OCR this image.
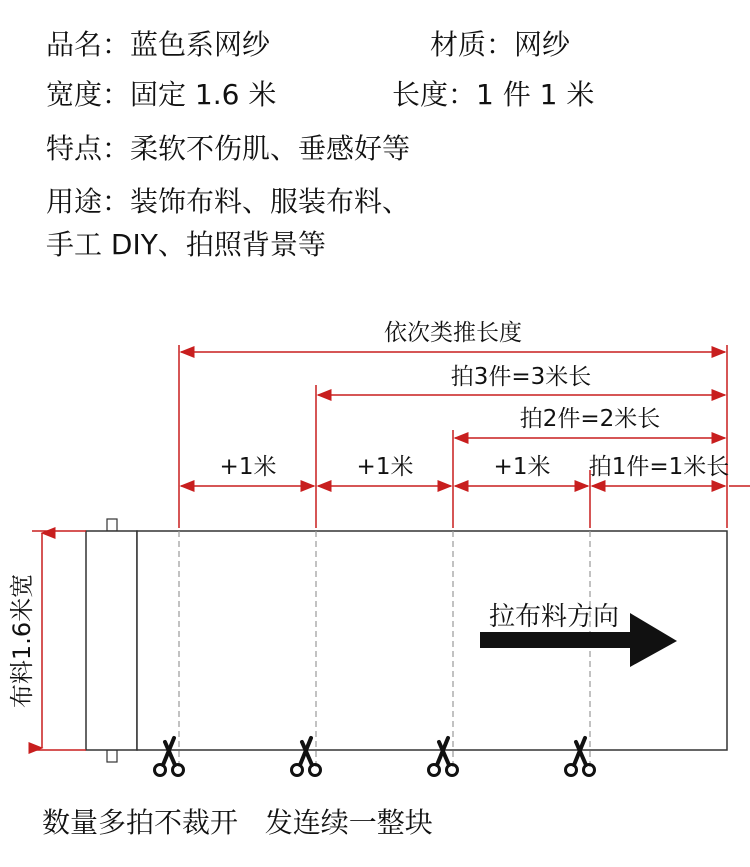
品名：蓝色系网纱	材质：网纱
宽度：固定 1.6 米	长度：1 件 1 米
特点：柔软不伤肌、垂感好等
用途：装饰布料、服装布料、
手工 DIY、拍照背景等
依次类推长度
拍3件=3米长
拍2件=2米长
拍1件=1米长
+1米	+1米	+1米
布料1.6米宽	拉布料方向
数量多拍不裁开   发连续一整块
